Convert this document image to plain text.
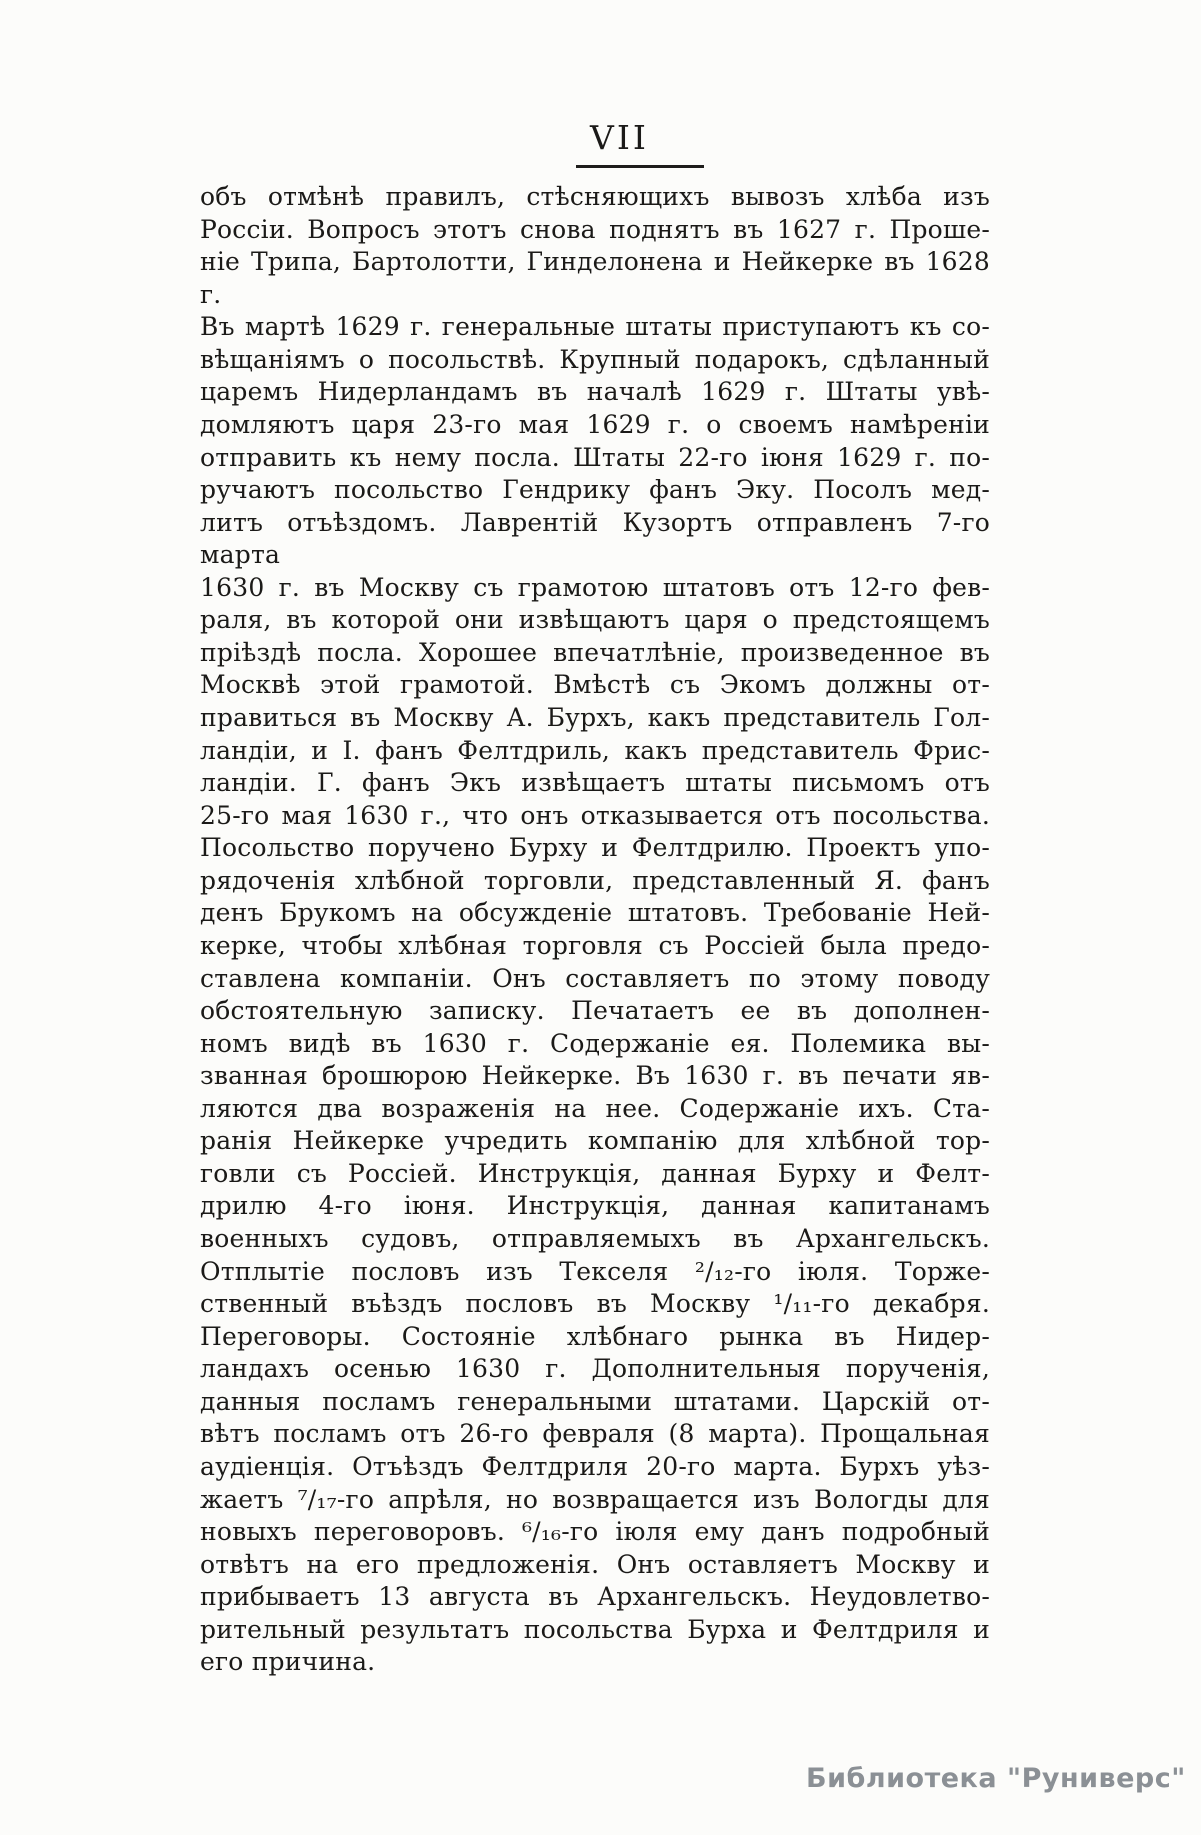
VII

объ отмѣнѣ правилъ, стѣсняющихъ вывозъ хлѣба изъ

Россіи. Вопросъ этотъ снова поднятъ въ 1627 г. Проше-

ніе Трипа, Бартолотти, Гинделонена и Нейкерке въ 1628 г.

Въ мартѣ 1629 г. генеральные штаты приступаютъ къ со-

вѣщаніямъ о посольствѣ. Крупный подарокъ, сдѣланный

царемъ Нидерландамъ въ началѣ 1629 г. Штаты увѣ-

домляютъ царя 23-го мая 1629 г. о своемъ намѣреніи

отправить къ нему посла. Штаты 22-го іюня 1629 г. по-

ручаютъ посольство Гендрику фанъ Эку. Посолъ мед-

литъ отъѣздомъ. Лаврентій Кузортъ отправленъ 7-го марта

1630 г. въ Москву съ грамотою штатовъ отъ 12-го фев-

раля, въ которой они извѣщаютъ царя о предстоящемъ

пріѣздѣ посла. Хорошее впечатлѣніе, произведенное въ

Москвѣ этой грамотой. Вмѣстѣ съ Экомъ должны от-

правиться въ Москву А. Бурхъ, какъ представитель Гол-

ландіи, и І. фанъ Фелтдриль, какъ представитель Фрис-

ландіи. Г. фанъ Экъ извѣщаетъ штаты письмомъ отъ

25-го мая 1630 г., что онъ отказывается отъ посольства.

Посольство поручено Бурху и Фелтдрилю. Проектъ упо-

рядоченія хлѣбной торговли, представленный Я. фанъ

денъ Брукомъ на обсужденіе штатовъ. Требованіе Ней-

керке, чтобы хлѣбная торговля съ Россіей была предо-

ставлена компаніи. Онъ составляетъ по этому поводу

обстоятельную записку. Печатаетъ ее въ дополнен-

номъ видѣ въ 1630 г. Содержаніе ея. Полемика вы-

званная брошюрою Нейкерке. Въ 1630 г. въ печати яв-

ляются два возраженія на нее. Содержаніе ихъ. Ста-

ранія Нейкерке учредить компанію для хлѣбной тор-

говли съ Россіей. Инструкція, данная Бурху и Фелт-

дрилю 4-го іюня. Инструкція, данная капитанамъ

военныхъ судовъ, отправляемыхъ въ Архангельскъ.

Отплытіе пословъ изъ Текселя ²/₁₂-го іюля. Торже-

ственный въѣздъ пословъ въ Москву ¹/₁₁-го декабря.

Переговоры. Состояніе хлѣбнаго рынка въ Нидер-

ландахъ осенью 1630 г. Дополнительныя порученія,

данныя посламъ генеральными штатами. Царскій от-

вѣтъ посламъ отъ 26-го февраля (8 марта). Прощальная

аудіенція. Отъѣздъ Фелтдриля 20-го марта. Бурхъ уѣз-

жаетъ ⁷/₁₇-го апрѣля, но возвращается изъ Вологды для

новыхъ переговоровъ. ⁶/₁₆-го іюля ему данъ подробный

отвѣтъ на его предложенія. Онъ оставляетъ Москву и

прибываетъ 13 августа въ Архангельскъ. Неудовлетво-

рительный результатъ посольства Бурха и Фелтдриля и

его причина.

Библиотека "Руниверс"
